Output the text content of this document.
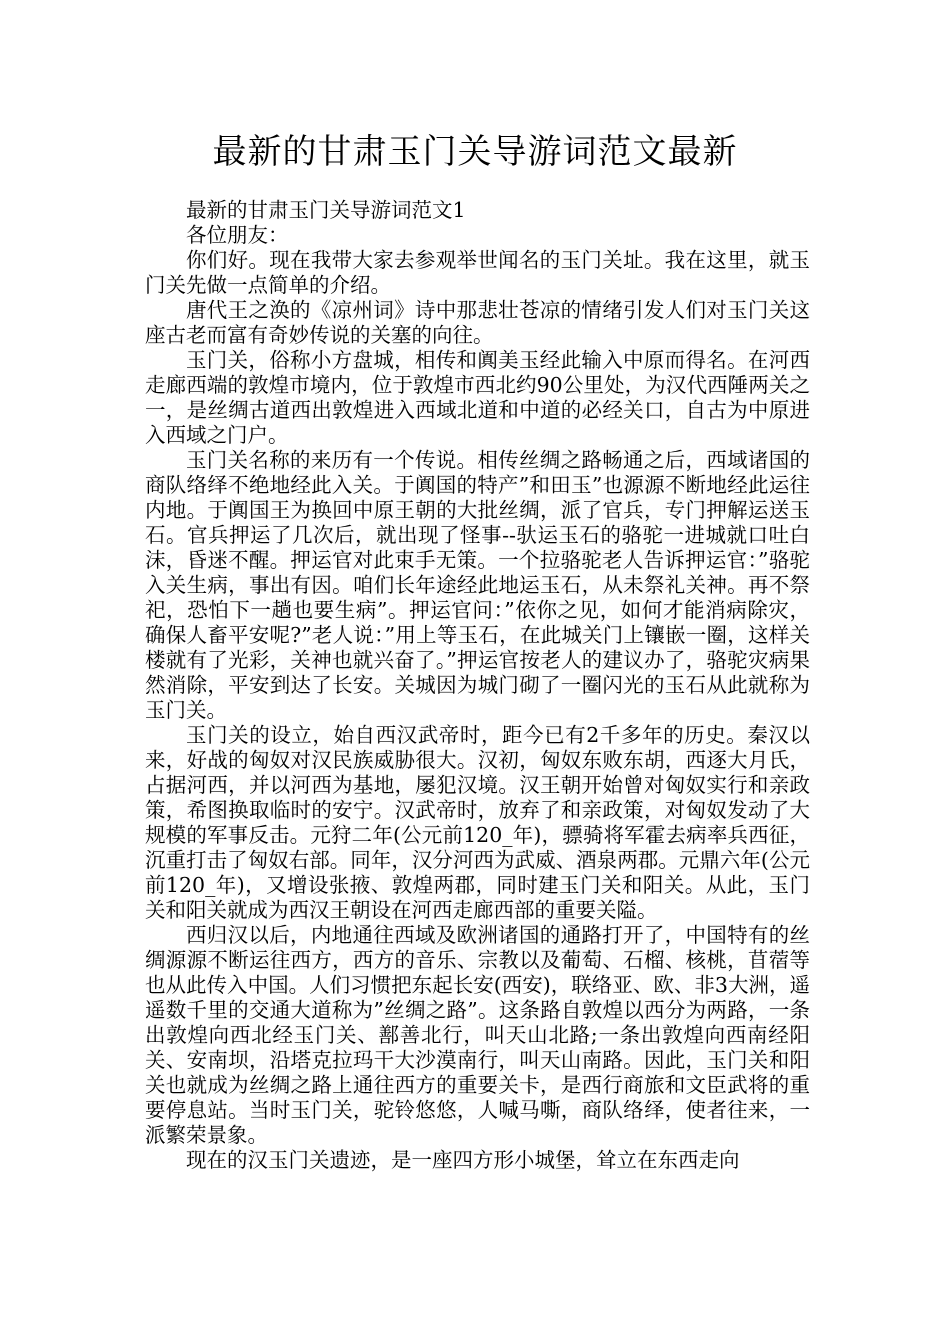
最新的甘肃玉门关导游词范文最新

最新的甘肃玉门关导游词范文1

各位朋友：

你们好。现在我带大家去参观举世闻名的玉门关址。我在这里，就玉门关先做一点简单的介绍。

唐代王之涣的《凉州词》诗中那悲壮苍凉的情绪引发人们对玉门关这座古老而富有奇妙传说的关塞的向往。

玉门关，俗称小方盘城，相传和阗美玉经此输入中原而得名。在河西走廊西端的敦煌市境内，位于敦煌市西北约90公里处，为汉代西陲两关之一，是丝绸古道西出敦煌进入西域北道和中道的必经关口，自古为中原进入西域之门户。

玉门关名称的来历有一个传说。相传丝绸之路畅通之后，西域诸国的商队络绎不绝地经此入关。于阗国的特产”和田玉”也源源不断地经此运往内地。于阗国王为换回中原王朝的大批丝绸，派了官兵，专门押解运送玉石。官兵押运了几次后，就出现了怪事--驮运玉石的骆驼一进城就口吐白沫，昏迷不醒。押运官对此束手无策。一个拉骆驼老人告诉押运官：”骆驼入关生病，事出有因。咱们长年途经此地运玉石，从未祭礼关神。再不祭祀，恐怕下一趟也要生病”。押运官问：”依你之见，如何才能消病除灾，确保人畜平安呢?”老人说：”用上等玉石，在此城关门上镶嵌一圈，这样关楼就有了光彩，关神也就兴奋了。”押运官按老人的建议办了，骆驼灾病果然消除，平安到达了长安。关城因为城门砌了一圈闪光的玉石从此就称为玉门关。

玉门关的设立，始自西汉武帝时，距今已有2千多年的历史。秦汉以来，好战的匈奴对汉民族威胁很大。汉初，匈奴东败东胡，西逐大月氏，占据河西，并以河西为基地，屡犯汉境。汉王朝开始曾对匈奴实行和亲政策，希图换取临时的安宁。汉武帝时，放弃了和亲政策，对匈奴发动了大规模的军事反击。元狩二年(公元前120_年)，骠骑将军霍去病率兵西征，沉重打击了匈奴右部。同年，汉分河西为武威、酒泉两郡。元鼎六年(公元前120_年)，又增设张掖、敦煌两郡，同时建玉门关和阳关。从此，玉门关和阳关就成为西汉王朝设在河西走廊西部的重要关隘。

西归汉以后，内地通往西域及欧洲诸国的通路打开了，中国特有的丝绸源源不断运往西方，西方的音乐、宗教以及葡萄、石榴、核桃，苜蓿等也从此传入中国。人们习惯把东起长安(西安)，联络亚、欧、非3大洲，遥遥数千里的交通大道称为”丝绸之路”。这条路自敦煌以西分为两路，一条出敦煌向西北经玉门关、鄯善北行，叫天山北路;一条出敦煌向西南经阳关、安南坝，沿塔克拉玛干大沙漠南行，叫天山南路。因此，玉门关和阳关也就成为丝绸之路上通往西方的重要关卡，是西行商旅和文臣武将的重要停息站。当时玉门关，驼铃悠悠，人喊马嘶，商队络绎，使者往来，一派繁荣景象。

现在的汉玉门关遗迹，是一座四方形小城堡，耸立在东西走向
